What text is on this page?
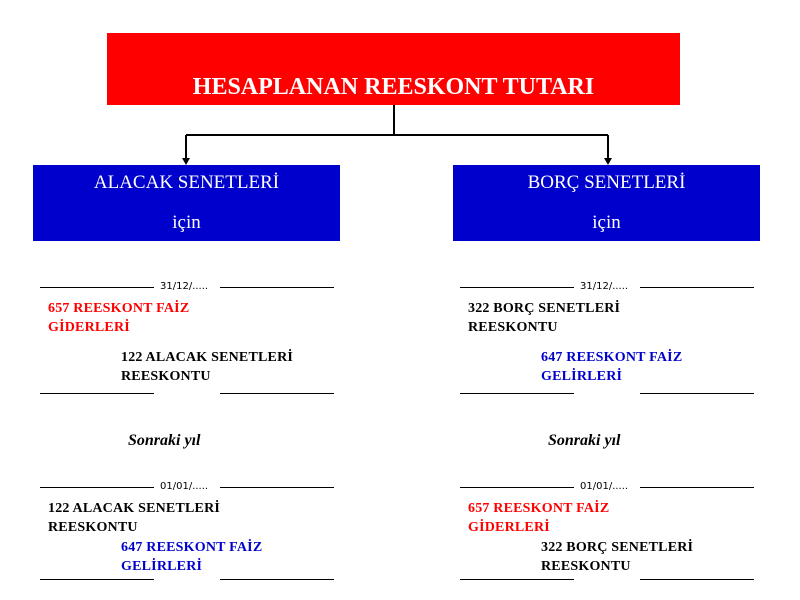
HESAPLANAN REESKONT TUTARI
ALACAK SENETLERİ
için
BORÇ SENETLERİ
için
31/12/.....
657 REESKONT FAİZ
GİDERLERİ
122 ALACAK SENETLERİ
REESKONTU
Sonraki yıl
01/01/.....
122 ALACAK SENETLERİ
REESKONTU
647 REESKONT FAİZ
GELİRLERİ
31/12/.....
322 BORÇ SENETLERİ
REESKONTU
647 REESKONT FAİZ
GELİRLERİ
Sonraki yıl
01/01/.....
657 REESKONT FAİZ
GİDERLERİ
322 BORÇ SENETLERİ
REESKONTU
